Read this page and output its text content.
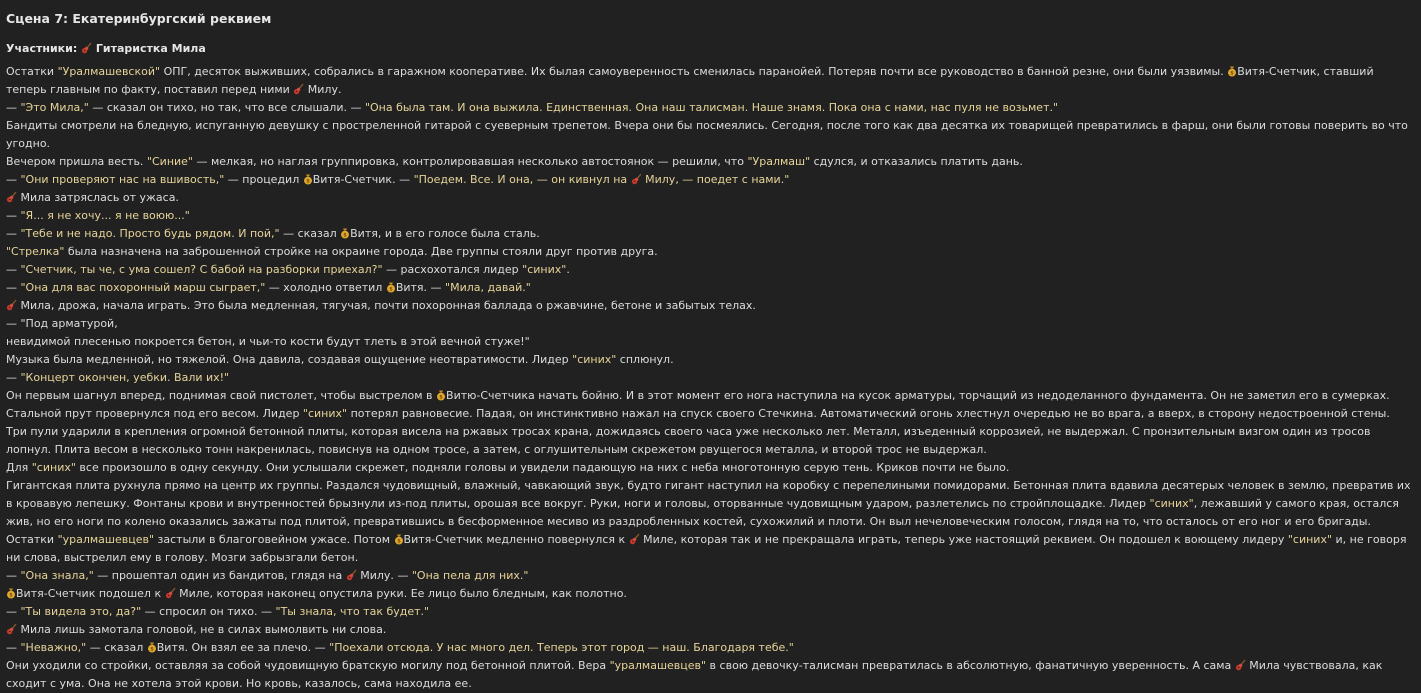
Сцена 7: Екатеринбургский реквием
Участники: Гитаристка Мила

Остатки "Уралмашевской" ОПГ, десяток выживших, собрались в гаражном кооперативе. Их былая самоуверенность сменилась паранойей. Потеряв почти все руководство в банной резне, они были уязвимы. $ Витя-Счетчик, ставший теперь главным по факту, поставил перед ними
Милу.

— "Это Мила," — сказал он тихо, но так, что все слышали. — "Она была там. И она выжила. Единственная. Она наш талисман. Наше знамя. Пока она с нами, нас пуля не возьмет."

Бандиты смотрели на бледную, испуганную девушку с простреленной гитарой с суеверным трепетом. Вчера они бы посмеялись. Сегодня, после того как два десятка их товарищей превратились в фарш, они были готовы поверить во что угодно.

Вечером пришла весть. "Синие" — мелкая, но наглая группировка, контролировавшая несколько автостоянок — решили, что "Уралмаш" сдулся, и отказались платить дань.

— "Они проверяют нас на вшивость," — процедил $ Витя-Счетчик. — "Поедем. Все. И она, — он кивнул на
Милу, — поедет с нами."

Мила затряслась от ужаса.

— "Я... я не хочу... я не воюю..."

— "Тебе и не надо. Просто будь рядом. И пой," — сказал $ Витя, и в его голосе была сталь.

"Стрелка" была назначена на заброшенной стройке на окраине города. Две группы стояли друг против друга.

— "Счетчик, ты че, с ума сошел? С бабой на разборки приехал?" — расхохотался лидер "синих".

— "Она для вас похоронный марш сыграет," — холодно ответил $ Витя. — "Мила, давай."

Мила, дрожа, начала играть. Это была медленная, тягучая, почти похоронная баллада о ржавчине, бетоне и забытых телах.

— "Под арматурой,

невидимой плесенью покроется бетон, и чьи-то кости будут тлеть в этой вечной стуже!"

Музыка была медленной, но тяжелой. Она давила, создавая ощущение неотвратимости. Лидер "синих" сплюнул.

— "Концерт окончен, уебки. Вали их!"

Он первым шагнул вперед, поднимая свой пистолет, чтобы выстрелом в $ Витю-Счетчика начать бойню. И в этот момент его нога наступила на кусок арматуры, торчащий из недоделанного фундамента. Он не заметил его в сумерках. Стальной прут провернулся под его весом. Лидер "синих" потерял равновесие. Падая, он инстинктивно нажал на спуск своего Стечкина. Автоматический огонь хлестнул очередью не во врага, а вверх, в сторону недостроенной стены.

Три пули ударили в крепления огромной бетонной плиты, которая висела на ржавых тросах крана, дожидаясь своего часа уже несколько лет. Металл, изъеденный коррозией, не выдержал. С пронзительным визгом один из тросов лопнул. Плита весом в несколько тонн накренилась, повиснув на одном тросе, а затем, с оглушительным скрежетом рвущегося металла, и второй трос не выдержал.

Для "синих" все произошло в одну секунду. Они услышали скрежет, подняли головы и увидели падающую на них с неба многотонную серую тень. Криков почти не было.

Гигантская плита рухнула прямо на центр их группы. Раздался чудовищный, влажный, чавкающий звук, будто гигант наступил на коробку с перепелиными помидорами. Бетонная плита вдавила десятерых человек в землю, превратив их в кровавую лепешку. Фонтаны крови и внутренностей брызнули из-под плиты, орошая все вокруг. Руки, ноги и головы, оторванные чудовищным ударом, разлетелись по стройплощадке. Лидер "синих", лежавший у самого края, остался жив, но его ноги по колено оказались зажаты под плитой, превратившись в бесформенное месиво из раздробленных костей, сухожилий и плоти. Он выл нечеловеческим голосом, глядя на то, что осталось от его ног и его бригады.

Остатки "уралмашевцев" застыли в благоговейном ужасе. Потом $ Витя-Счетчик медленно повернулся к
Миле, которая так и не прекращала играть, теперь уже настоящий реквием. Он подошел к воющему лидеру "синих" и, не говоря ни слова, выстрелил ему в голову. Мозги забрызгали бетон.

— "Она знала," — прошептал один из бандитов, глядя на
Милу. — "Она пела для них."

$ Витя-Счетчик подошел к
Миле, которая наконец опустила руки. Ее лицо было бледным, как полотно.

— "Ты видела это, да?" — спросил он тихо. — "Ты знала, что так будет."

Мила лишь замотала головой, не в силах вымолвить ни слова.

— "Неважно," — сказал $ Витя. Он взял ее за плечо. — "Поехали отсюда. У нас много дел. Теперь этот город — наш. Благодаря тебе."

Они уходили со стройки, оставляя за собой чудовищную братскую могилу под бетонной плитой. Вера "уралмашевцев" в свою девочку-талисман превратилась в абсолютную, фанатичную уверенность. А сама
Мила чувствовала, как сходит с ума. Она не хотела этой крови. Но кровь, казалось, сама находила ее.
